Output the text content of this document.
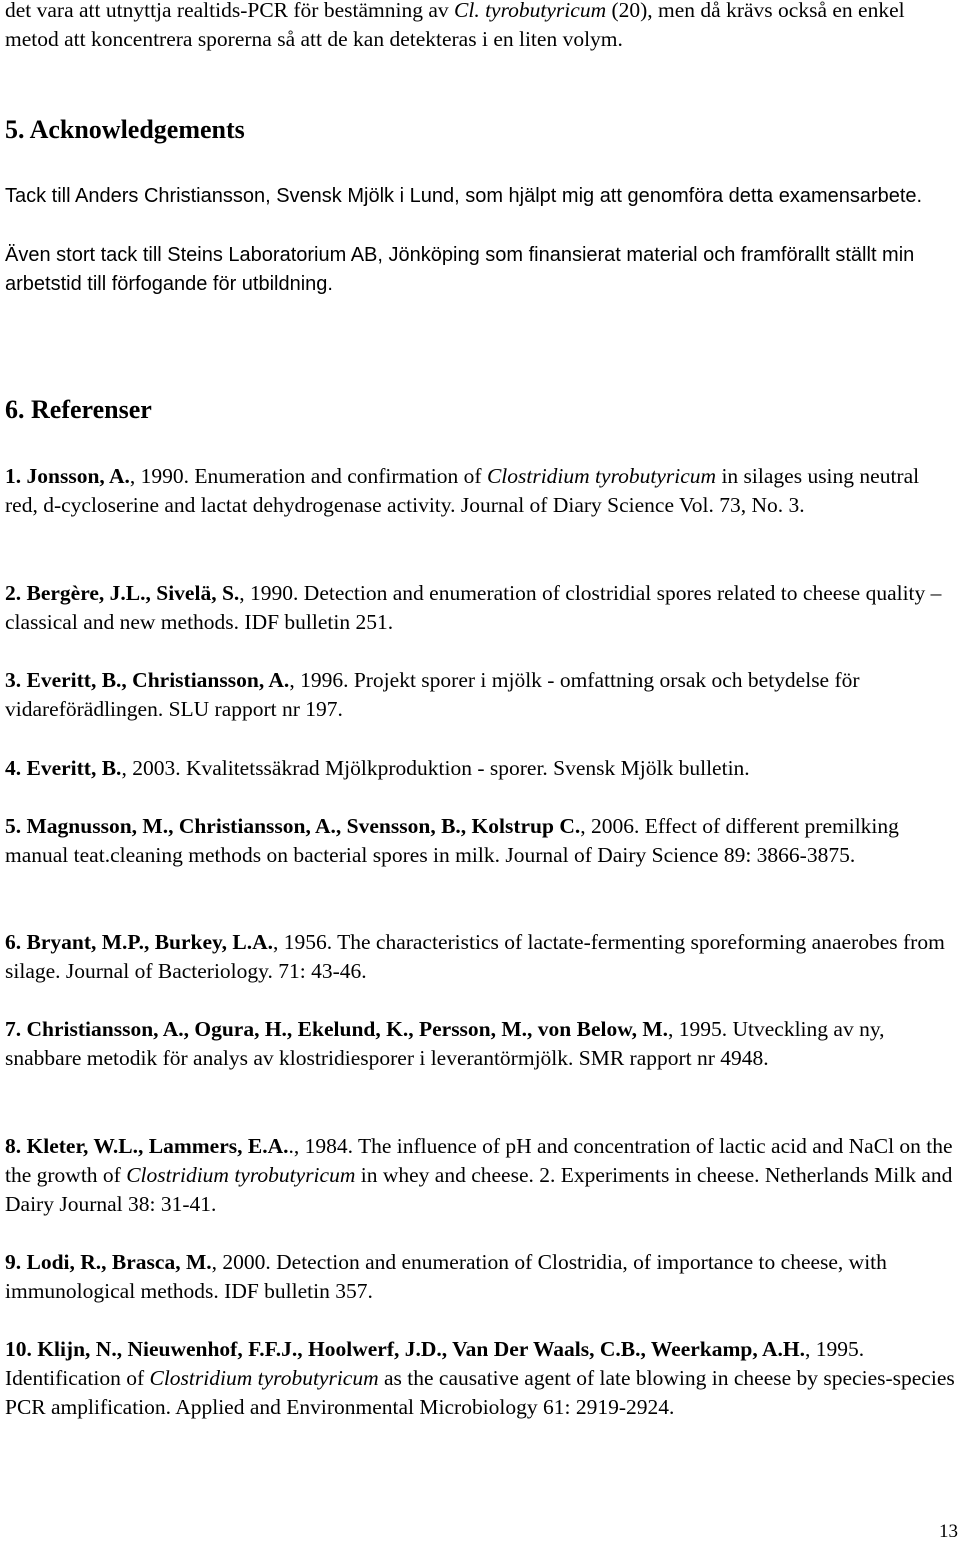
det vara att utnyttja realtids-PCR för bestämning av Cl. tyrobutyricum (20), men då krävs också en enkel metod att koncentrera sporerna så att de kan detekteras i en liten volym.

5. Acknowledgements

Tack till Anders Christiansson, Svensk Mjölk i Lund, som hjälpt mig att genomföra detta examensarbete.

Även stort tack till Steins Laboratorium AB, Jönköping som finansierat material och framförallt ställt min arbetstid till förfogande för utbildning.

6. Referenser

1. Jonsson, A., 1990. Enumeration and confirmation of Clostridium tyrobutyricum in silages using neutral red, d-cycloserine and lactat dehydrogenase activity. Journal of Diary Science Vol. 73, No. 3.

2. Bergère, J.L., Sivelä, S., 1990. Detection and enumeration of clostridial spores related to cheese quality – classical and new methods. IDF bulletin 251.

3. Everitt, B., Christiansson, A., 1996. Projekt sporer i mjölk - omfattning orsak och betydelse för vidareförädlingen. SLU rapport nr 197.

4. Everitt, B., 2003. Kvalitetssäkrad Mjölkproduktion - sporer. Svensk Mjölk bulletin.

5. Magnusson, M., Christiansson, A., Svensson, B., Kolstrup C., 2006. Effect of different premilking manual teat.cleaning methods on bacterial spores in milk. Journal of Dairy Science 89: 3866-3875.

6. Bryant, M.P., Burkey, L.A., 1956. The characteristics of lactate-fermenting sporeforming anaerobes from silage. Journal of Bacteriology. 71: 43-46.

7. Christiansson, A., Ogura, H., Ekelund, K., Persson, M., von Below, M., 1995. Utveckling av ny, snabbare metodik för analys av klostridiesporer i leverantörmjölk. SMR rapport nr 4948.

8. Kleter, W.L., Lammers, E.A.., 1984. The influence of pH and concentration of lactic acid and NaCl on the the growth of Clostridium tyrobutyricum in whey and cheese. 2. Experiments in cheese. Netherlands Milk and Dairy Journal 38: 31-41.

9. Lodi, R., Brasca, M., 2000. Detection and enumeration of Clostridia, of importance to cheese, with immunological methods. IDF bulletin 357.

10. Klijn, N., Nieuwenhof, F.F.J., Hoolwerf, J.D., Van Der Waals, C.B., Weerkamp, A.H., 1995. Identification of Clostridium tyrobutyricum as the causative agent of late blowing in cheese by species-species PCR amplification. Applied and Environmental Microbiology 61: 2919-2924.

13
